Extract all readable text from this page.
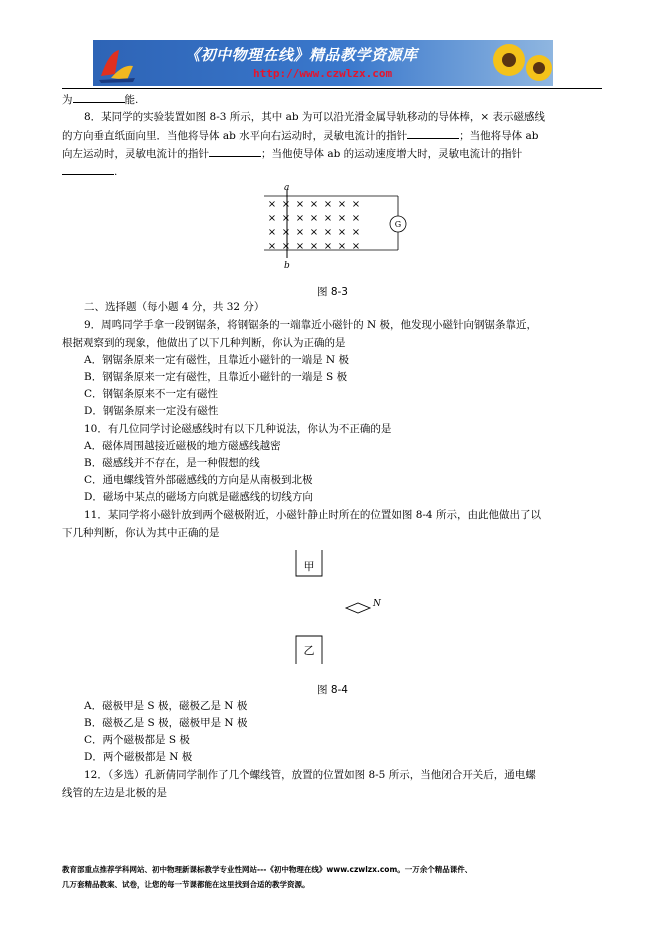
《初中物理在线》精品教学资源库
http://www.czwlzx.com
为	能.
8．某同学的实验装置如图 8-3 所示，其中 ab 为可以沿光滑金属导轨移动的导体棒，× 表示磁感线
的方向垂直纸面向里．当他将导体 ab 水平向右运动时，灵敏电流计的指针	；当他将导体 ab
向左运动时，灵敏电流计的指针	；当他使导体 ab 的运动速度增大时，灵敏电流计的指针
.
× × × × × × ×
× × × × × × ×
× × × × × × ×
× × × × × × ×
a
b
G
图 8-3
二、选择题（每小题 4 分，共 32 分）
9．周鸣同学手拿一段钢锯条，将钢锯条的一端靠近小磁针的 N 极，他发现小磁针向钢锯条靠近，
根据观察到的现象，他做出了以下几种判断，你认为正确的是
A．钢锯条原来一定有磁性，且靠近小磁针的一端是 N 极
B．钢锯条原来一定有磁性，且靠近小磁针的一端是 S 极
C．钢锯条原来不一定有磁性
D．钢锯条原来一定没有磁性
10．有几位同学讨论磁感线时有以下几种说法，你认为不正确的是
A．磁体周围越接近磁极的地方磁感线越密
B．磁感线并不存在，是一种假想的线
C．通电螺线管外部磁感线的方向是从南极到北极
D．磁场中某点的磁场方向就是磁感线的切线方向
11．某同学将小磁针放到两个磁极附近，小磁针静止时所在的位置如图 8-4 所示，由此他做出了以
下几种判断，你认为其中正确的是
甲
N
乙
图 8-4
A．磁极甲是 S 极，磁极乙是 N 极
B．磁极乙是 S 极，磁极甲是 N 极
C．两个磁极都是 S 极
D．两个磁极都是 N 极
12．（多选）孔新倩同学制作了几个螺线管，放置的位置如图 8-5 所示，当他闭合开关后，通电螺
线管的左边是北极的是
教育部重点推荐学科网站、初中物理新课标教学专业性网站---《初中物理在线》www.czwlzx.com。一万余个精品课件、
几万套精品教案、试卷，让您的每一节课都能在这里找到合适的教学资源。
